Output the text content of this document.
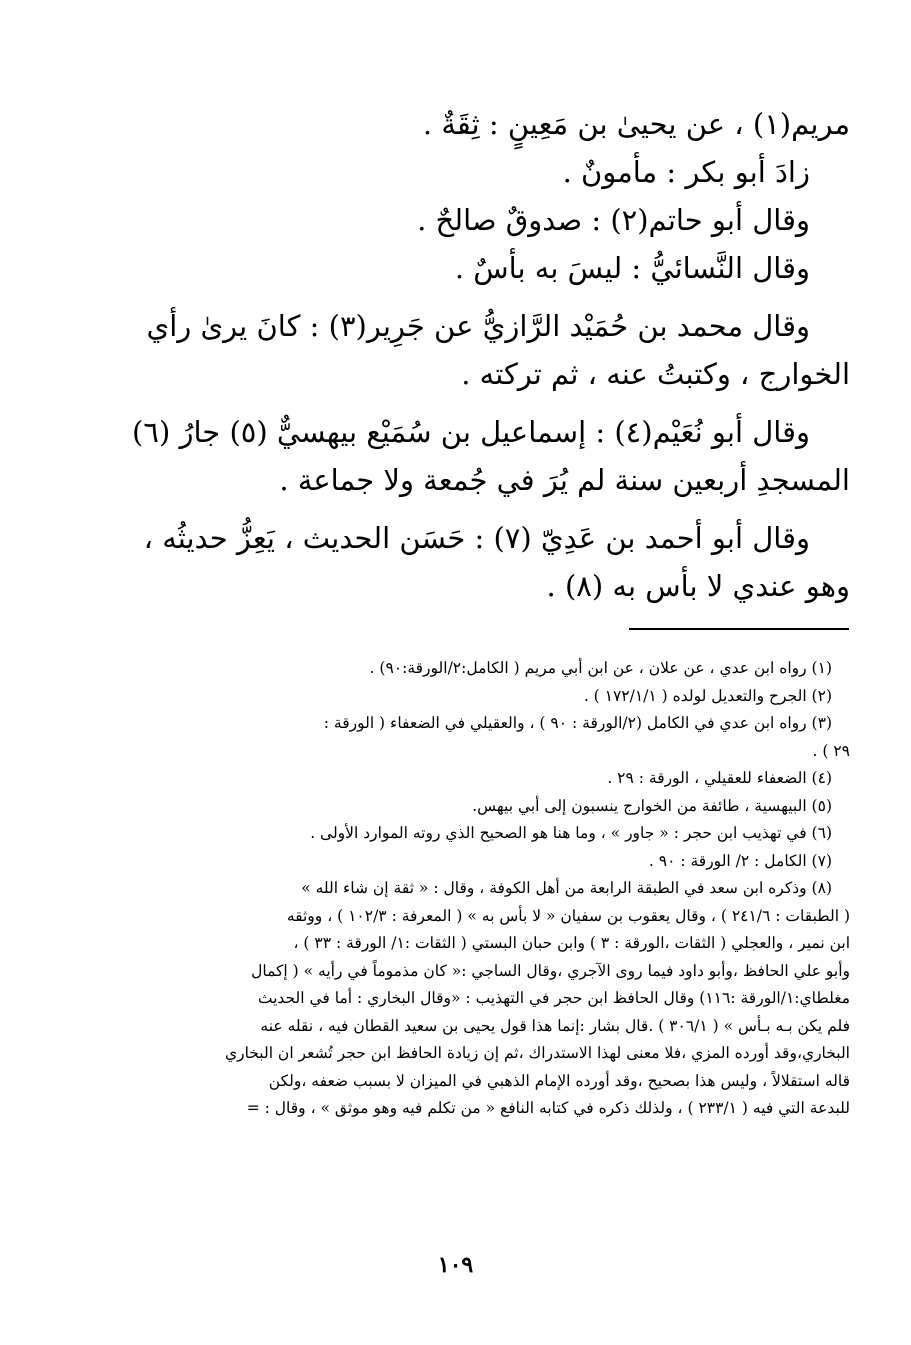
مريم(١) ، عن يحيىٰ بن مَعِينٍ : ثِقَةٌ .

زادَ أبو بكر : مأمونٌ .

وقال أبو حاتم(٢) : صدوقٌ صالحٌ .

وقال النَّسائيُّ : ليسَ به بأسٌ .

وقال محمد بن حُمَيْد الرَّازيُّ عن جَرِير(٣) : كانَ يرىٰ رأي

الخوارج ، وكتبتُ عنه ، ثم تركته .

وقال أبو نُعَيْم(٤) : إسماعيل بن سُمَيْع بيهسيٌّ (٥) جارُ (٦)

المسجدِ أربعين سنة لم يُرَ في جُمعة ولا جماعة .

وقال أبو أحمد بن عَدِيّ (٧) : حَسَن الحديث ، يَعِزُّ حديثُه ،

وهو عندي لا بأس به (٨) .

(١) رواه ابن عدي ، عن علان ، عن ابن أبي مريم ( الكامل:٢/الورقة:٩٠) .

(٢) الجرح والتعديل لولده ( ١٧٢/١/١ ) .

(٣) رواه ابن عدي في الكامل (٢/الورقة : ٩٠ ) ، والعقيلي في الضعفاء ( الورقة :

٢٩ ) .

(٤) الضعفاء للعقيلي ، الورقة : ٢٩ .

(٥) البيهسية ، طائفة من الخوارج ينسبون إلى أبي بيهس.

(٦) في تهذيب ابن حجر : « جاور » ، وما هنا هو الصحيح الذي روته الموارد الأولى .

(٧) الكامل : ٢/ الورقة : ٩٠ .

(٨) وذكره ابن سعد في الطبقة الرابعة من أهل الكوفة ، وقال : « ثقة إن شاء الله »

( الطبقات : ٢٤١/٦ ) ، وقال يعقوب بن سفيان « لا بأس به » ( المعرفة : ١٠٢/٣ ) ، ووثقه

ابن نمير ، والعجلي ( الثقات ،الورقة : ٣ ) وابن حبان البستي ( الثقات :١/ الورقة : ٣٣ ) ،

وأبو علي الحافظ ،وأبو داود فيما روى الآجري ،وقال الساجي :« كان مذموماً في رأيه » ( إكمال

مغلطاي:١/الورقة :١١٦) وقال الحافظ ابن حجر في التهذيب : «وقال البخاري : أما في الحديث

فلم يكن بـه بـأس » ( ٣٠٦/١ ) .قال بشار :إنما هذا قول يحيى بن سعيد القطان فيه ، نقله عنه

البخاري،وقد أورده المزي ،فلا معنى لهذا الاستدراك ،ثم إن زيادة الحافظ ابن حجر تُشعر ان البخاري

قاله استقلالاً ، وليس هذا بصحيح ،وقد أورده الإمام الذهبي في الميزان لا بسبب ضعفه ،ولكن

للبدعة التي فيه ( ٢٣٣/١ ) ، ولذلك ذكره في كتابه النافع « من تكلم فيه وهو موثق » ، وقال : =

١٠٩
